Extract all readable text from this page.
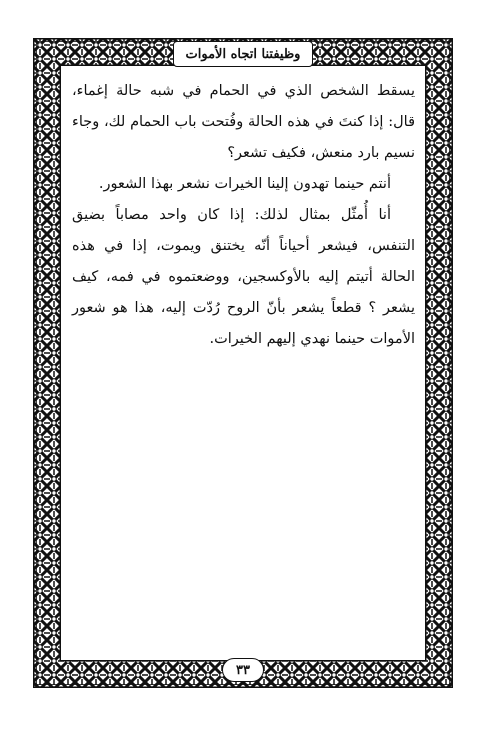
وظيفتنا اتجاه الأموات

يسقط الشخص الذي في الحمام في شبه حالة إغماء، قال: إذا كنتَ في هذه الحالة وفُتحت باب الحمام لك، وجاء نسيم بارد منعش، فكيف تشعر؟

أنتم حينما تهدون إلينا الخيرات نشعر بهذا الشعور.

أنا أُمثّل بمثال لذلك: إذا كان واحد مصاباً بضيق التنفس، فيشعر أحياناً أنّه يختنق ويموت، إذا في هذه الحالة أتيتم إليه بالأوكسجين، ووضعتموه في فمه، كيف يشعر ؟ قطعاً يشعر بأنّ الروح رُدّت إليه، هذا هو شعور الأموات حينما نهدي إليهم الخيرات.

٣٣
